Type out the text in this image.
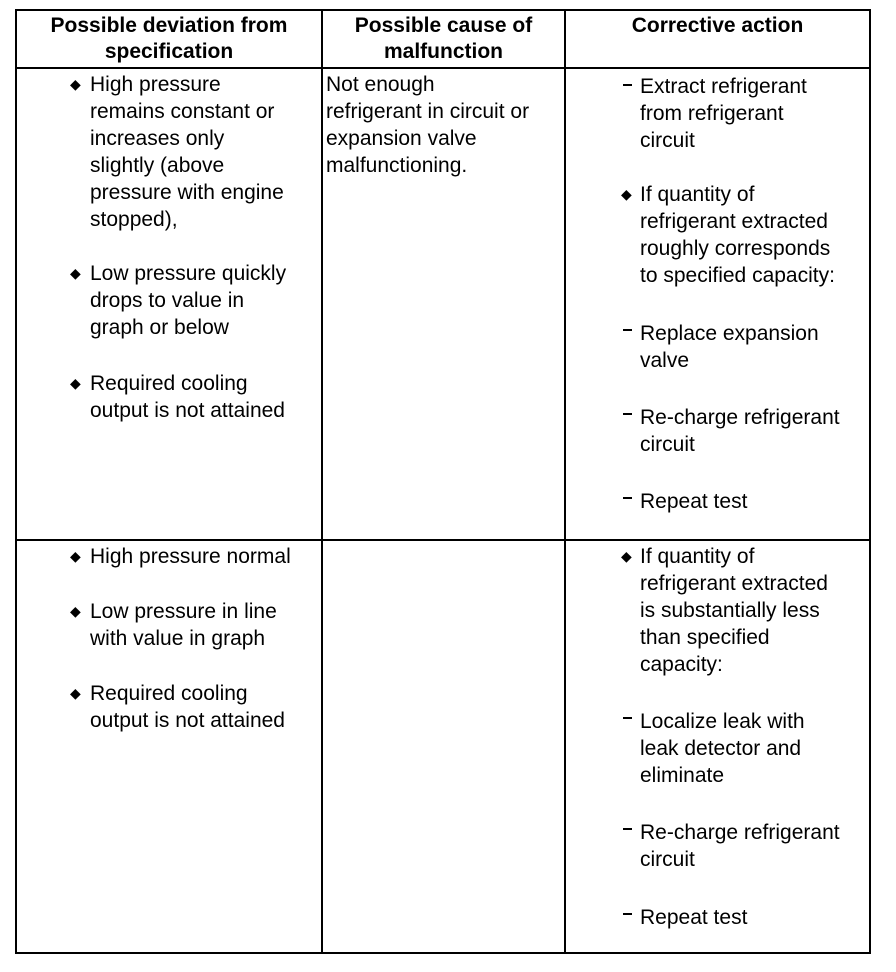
Possible deviation from
specification
Possible cause of
malfunction
Corrective action
◆ High pressure
remains constant or
increases only
slightly (above
pressure with engine
stopped),
◆ Low pressure quickly
drops to value in
graph or below
◆ Required cooling
output is not attained
Not enough
refrigerant in circuit or
expansion valve
malfunctioning.
Extract refrigerant
from refrigerant
circuit
◆ If quantity of
refrigerant extracted
roughly corresponds
to specified capacity:
Replace expansion
valve
Re-charge refrigerant
circuit
Repeat test
◆ High pressure normal
◆ Low pressure in line
with value in graph
◆ Required cooling
output is not attained
◆ If quantity of
refrigerant extracted
is substantially less
than specified
capacity:
Localize leak with
leak detector and
eliminate
Re-charge refrigerant
circuit
Repeat test
